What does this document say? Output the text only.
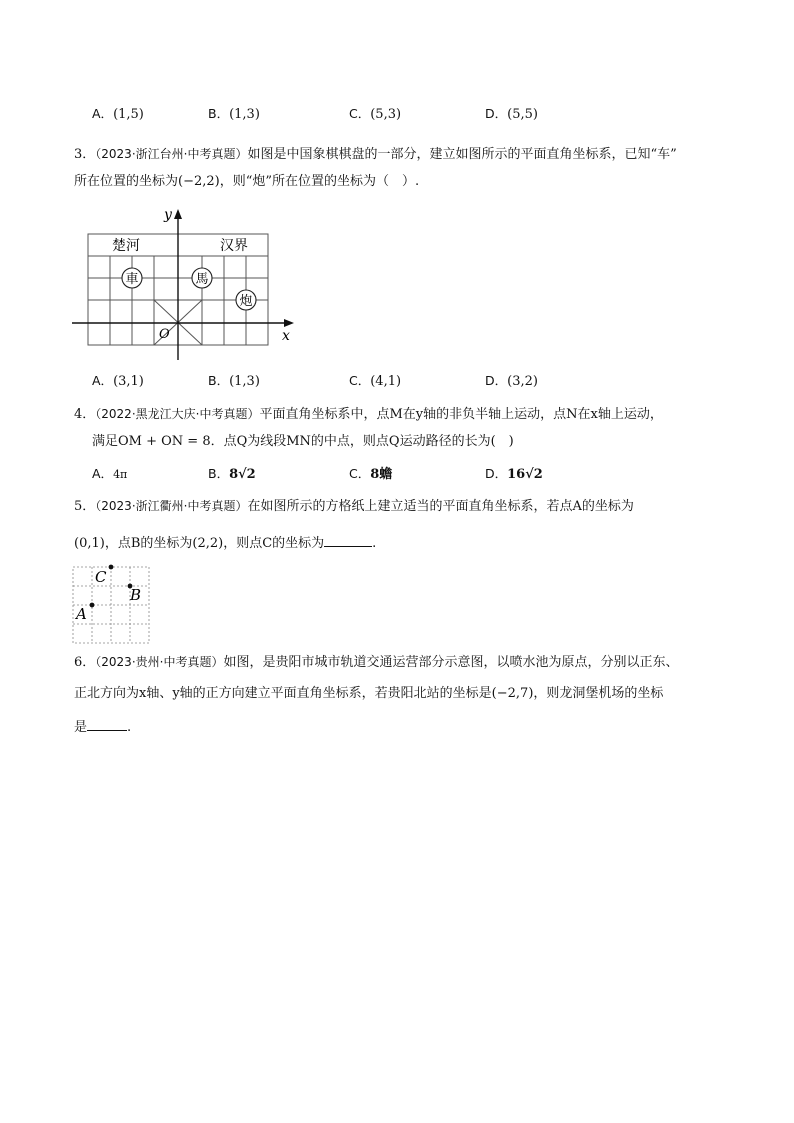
A．(1,5)	B．(1,3)	C．(5,3)	D．(5,5)
3．（2023·浙江台州·中考真题）如图是中国象棋棋盘的一部分，建立如图所示的平面直角坐标系，已知“车”
所在位置的坐标为(−2,2)，则“炮”所在位置的坐标为（　）.
y
x
O
楚河	汉界
車	馬
炮
A．(3,1)	B．(1,3)	C．(4,1)	D．(3,2)
4．（2022·黑龙江大庆·中考真题）平面直角坐标系中，点M在y轴的非负半轴上运动，点N在x轴上运动，
满足OM + ON = 8．点Q为线段MN的中点，则点Q运动路径的长为(　)
A．4π	B．8√2	C．8蟾	D．16√2
5．（2023·浙江衢州·中考真题）在如图所示的方格纸上建立适当的平面直角坐标系，若点A的坐标为
(0,1)，点B的坐标为(2,2)，则点C的坐标为	.
A
B
C
6．（2023·贵州·中考真题）如图，是贵阳市城市轨道交通运营部分示意图，以喷水池为原点，分别以正东、
正北方向为x轴、y轴的正方向建立平面直角坐标系，若贵阳北站的坐标是(−2,7)，则龙洞堡机场的坐标
是	.
